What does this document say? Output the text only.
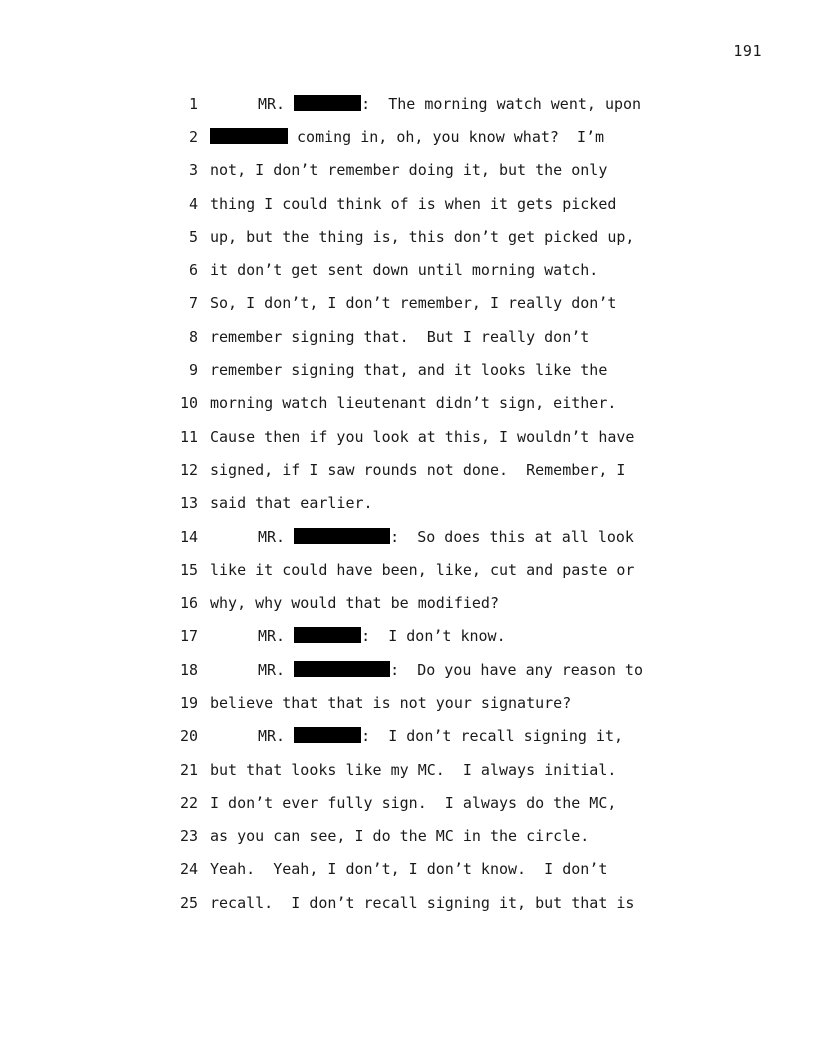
191
1	MR.	:  The morning watch went, upon
2	coming in, oh, you know what?  I’m
3 not, I don’t remember doing it, but the only
4 thing I could think of is when it gets picked
5 up, but the thing is, this don’t get picked up,
6 it don’t get sent down until morning watch.
7 So, I don’t, I don’t remember, I really don’t
8 remember signing that.  But I really don’t
9 remember signing that, and it looks like the
10 morning watch lieutenant didn’t sign, either.
11 Cause then if you look at this, I wouldn’t have
12 signed, if I saw rounds not done.  Remember, I
13 said that earlier.
14	MR.	:  So does this at all look
15 like it could have been, like, cut and paste or
16 why, why would that be modified?
17	MR.	:  I don’t know.
18	MR.	:  Do you have any reason to
19 believe that that is not your signature?
20	MR.	:  I don’t recall signing it,
21 but that looks like my MC.  I always initial.
22 I don’t ever fully sign.  I always do the MC,
23 as you can see, I do the MC in the circle.
24 Yeah.  Yeah, I don’t, I don’t know.  I don’t
25 recall.  I don’t recall signing it, but that is
